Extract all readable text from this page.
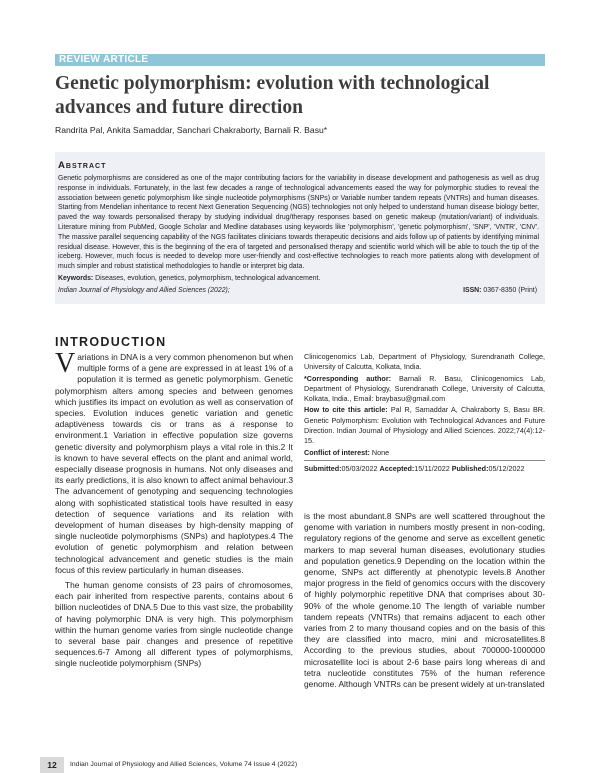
REVIEW ARTICLE
Genetic polymorphism: evolution with technological advances and future direction
Randrita Pal, Ankita Samaddar, Sanchari Chakraborty, Barnali R. Basu*
Abstract

Genetic polymorphisms are considered as one of the major contributing factors for the variability in disease development and pathogenesis as well as drug response in individuals. Fortunately, in the last few decades a range of technological advancements eased the way for polymorphic studies to reveal the association between genetic polymorphism like single nucleotide polymorphisms (SNPs) or Variable number tandem repeats (VNTRs) and human diseases. Starting from Mendelian inheritance to recent Next Generation Sequencing (NGS) technologies not only helped to understand human disease biology better, paved the way towards personalised therapy by studying individual drug/therapy responses based on genetic makeup (mutation/variant) of individuals. Literature mining from PubMed, Google Scholar and Medline databases using keywords like 'polymorphism', 'genetic polymorphism', 'SNP', 'VNTR', 'CNV'. The massive parallel sequencing capability of the NGS facilitates clinicians towards therapeutic decisions and aids follow up of patients by identifying minimal residual disease. However, this is the beginning of the era of targeted and personalised therapy and scientific world which will be able to touch the tip of the iceberg. However, much focus is needed to develop more user-friendly and cost-effective technologies to reach more patients along with development of much simpler and robust statistical methodologies to handle or interpret big data.

Keywords: Diseases, evolution, genetics, polymorphism, technological advancement.

Indian Journal of Physiology and Allied Sciences (2022);	ISSN: 0367-8350 (Print)
INTRODUCTION

Variations in DNA is a very common phenomenon but when multiple forms of a gene are expressed in at least 1% of a population it is termed as genetic polymorphism. Genetic polymorphism alters among species and between genomes which justifies its impact on evolution as well as conservation of species. Evolution induces genetic variation and genetic adaptiveness towards cis or trans as a response to environment.1 Variation in effective population size governs genetic diversity and polymorphism plays a vital role in this.2 It is known to have several effects on the plant and animal world, especially disease prognosis in humans. Not only diseases and its early predictions, it is also known to affect animal behaviour.3 The advancement of genotyping and sequencing technologies along with sophisticated statistical tools have resulted in easy detection of sequence variations and its relation with development of human diseases by high-density mapping of single nucleotide polymorphisms (SNPs) and haplotypes.4 The evolution of genetic polymorphism and relation between technological advancement and genetic studies is the main focus of this review particularly in human diseases.

The human genome consists of 23 pairs of chromosomes, each pair inherited from respective parents, contains about 6 billion nucleotides of DNA.5 Due to this vast size, the probability of having polymorphic DNA is very high. This polymorphism within the human genome varies from single nucleotide change to several base pair changes and presence of repetitive sequences.6-7 Among all different types of polymorphisms, single nucleotide polymorphism (SNPs)

Clinicogenomics Lab, Department of Physiology, Surendranath College, University of Calcutta, Kolkata, India.

*Corresponding author: Barnali R. Basu, Clinicogenomics Lab, Department of Physiology, Surendranath College, University of Calcutta, Kolkata, India., Email: braybasu@gmail.com

How to cite this article: Pal R, Samaddar A, Chakraborty S, Basu BR. Genetic Polymorphism: Evolution with Technological Advances and Future Direction. Indian Journal of Physiology and Allied Sciences. 2022;74(4):12-15.

Conflict of interest: None

Submitted:05/03/2022 Accepted:15/11/2022 Published:05/12/2022

is the most abundant.8 SNPs are well scattered throughout the genome with variation in numbers mostly present in non-coding, regulatory regions of the genome and serve as excellent genetic markers to map several human diseases, evolutionary studies and population genetics.9 Depending on the location within the genome, SNPs act differently at phenotypic levels.8 Another major progress in the field of genomics occurs with the discovery of highly polymorphic repetitive DNA that comprises about 30-90% of the whole genome.10 The length of variable number tandem repeats (VNTRs) that remains adjacent to each other varies from 2 to many thousand copies and on the basis of this they are classified into macro, mini and microsatellites.8 According to the previous studies, about 700000-1000000 microsatellite loci is about 2-6 base pairs long whereas di and tetra nucleotide constitutes 75% of the human reference genome. Although VNTRs can be present widely at un-translated

12	Indian Journal of Physiology and Allied Sciences, Volume 74 Issue 4 (2022)
